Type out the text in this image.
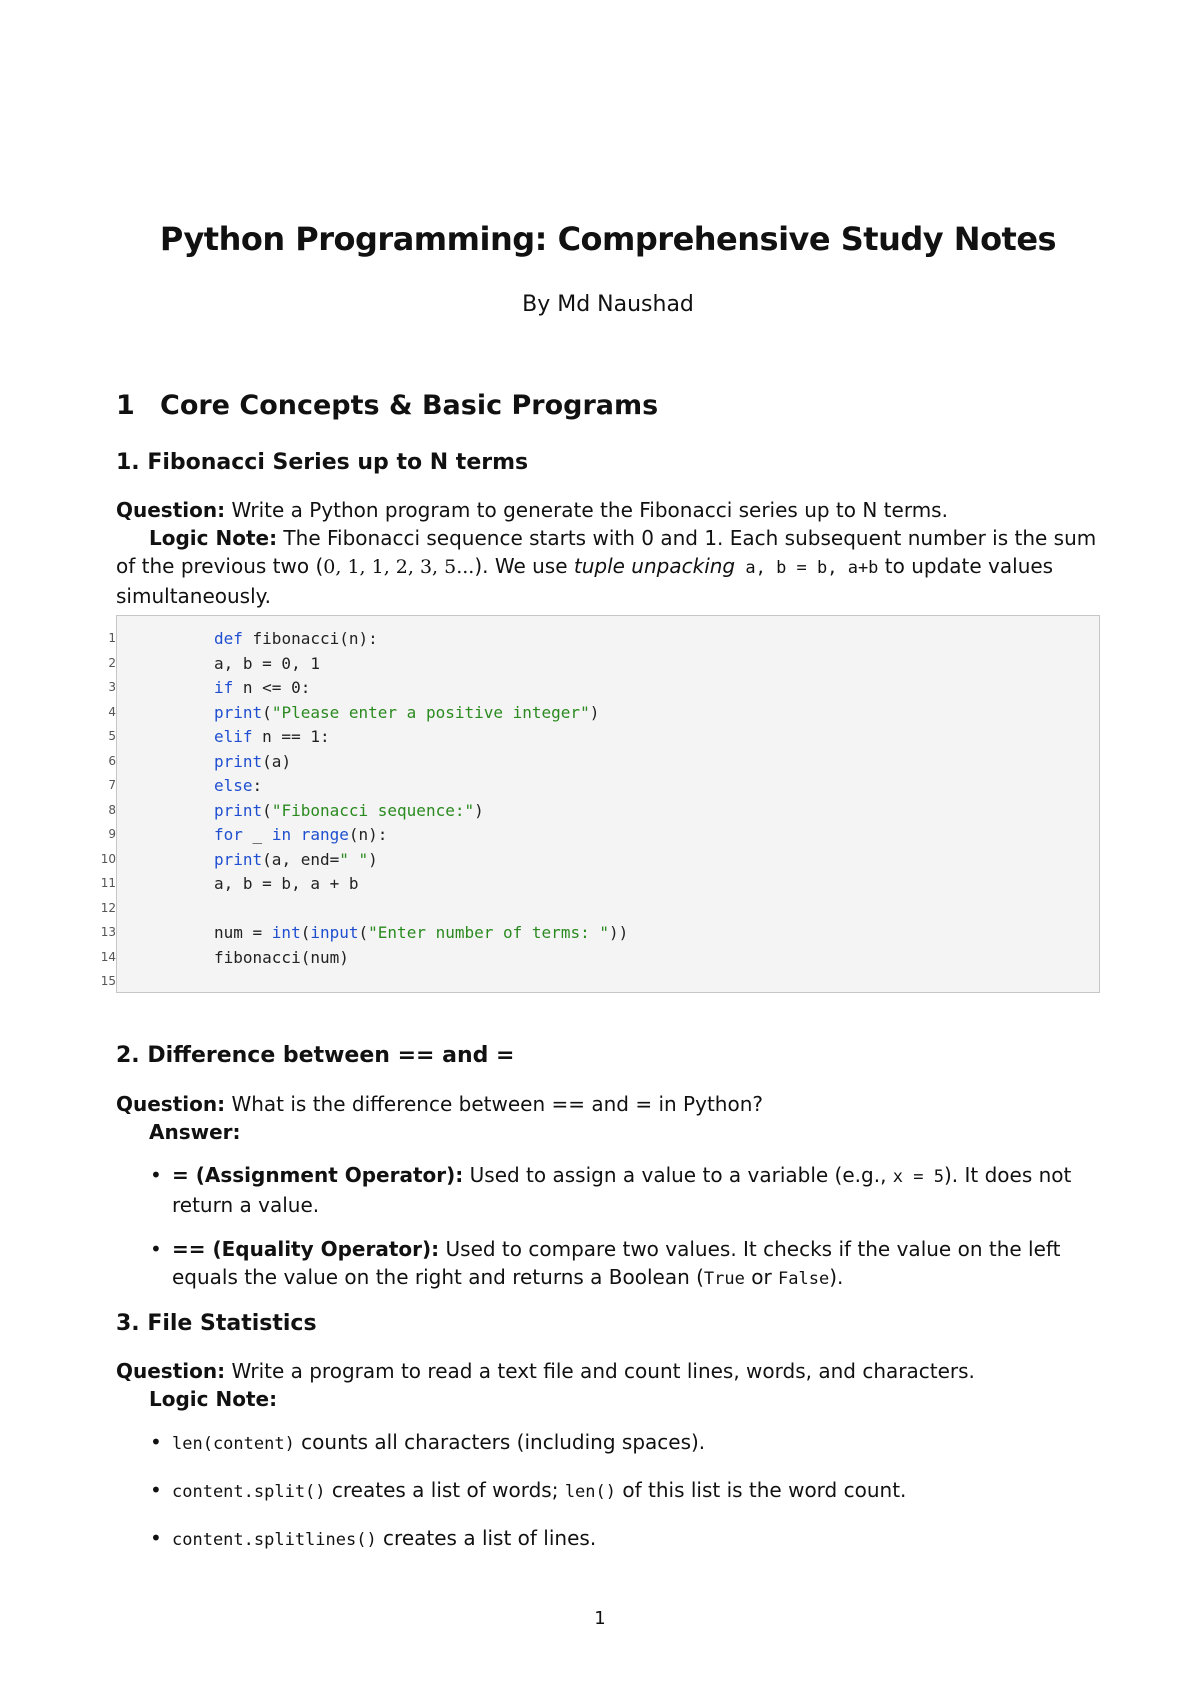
Python Programming: Comprehensive Study Notes
By Md Naushad
1 Core Concepts & Basic Programs
1. Fibonacci Series up to N terms
Question: Write a Python program to generate the Fibonacci series up to N terms.
Logic Note: The Fibonacci sequence starts with 0 and 1. Each subsequent number is the sum of the previous two (0, 1, 1, 2, 3, 5...). We use tuple unpacking a, b = b, a+b to update values simultaneously.
1
2
3
4
5
6
7
8
9
10
11
12
13
14
15
def fibonacci(n):
a, b = 0, 1
if n <= 0:
print("Please enter a positive integer")
elif n == 1:
print(a)
else:
print("Fibonacci sequence:")
for _ in range(n):
print(a, end=" ")
a, b = b, a + b

num = int(input("Enter number of terms: "))
fibonacci(num)

2. Difference between == and =
Question: What is the difference between == and = in Python?
Answer:
• = (Assignment Operator): Used to assign a value to a variable (e.g., x = 5). It does not return a value.
• == (Equality Operator): Used to compare two values. It checks if the value on the left equals the value on the right and returns a Boolean (True or False).
3. File Statistics
Question: Write a program to read a text file and count lines, words, and characters.
Logic Note:
• len(content) counts all characters (including spaces).
• content.split() creates a list of words; len() of this list is the word count.
• content.splitlines() creates a list of lines.
1
